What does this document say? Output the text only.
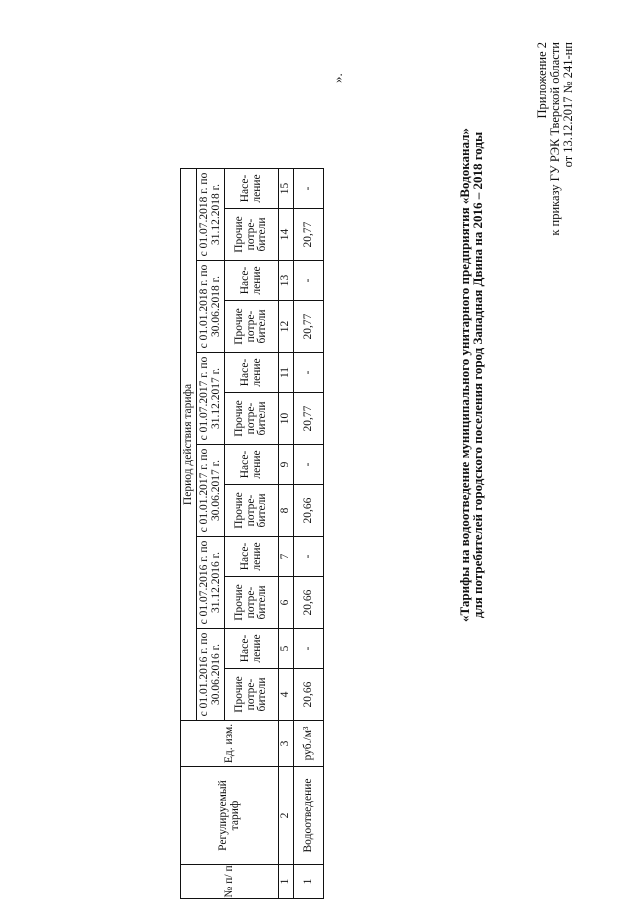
Приложение 2 к приказу ГУ РЭК Тверской области от 13.12.2017 № 241-нп
«Тарифы на водоотведение муниципального унитарного предприятия «Водоканал»
для потребителей городского поселения город Западная Двина на 2016 – 2018 годы
№ п/ п	Регулируемый тариф	Ед. изм.	Период действия тарифа											
			с 01.01.2016 г. по 30.06.2016 г.		с 01.07.2016 г. по 31.12.2016 г.		с 01.01.2017 г. по 30.06.2017 г.		с 01.07.2017 г. по 31.12.2017 г.		с 01.01.2018 г. по 30.06.2018 г.		с 01.07.2018 г. по 31.12.2018 г.	
			Прочие потре- бители	Насе- ление	Прочие потре- бители	Насе- ление	Прочие потре- бители	Насе- ление	Прочие потре- бители	Насе- ление	Прочие потре- бители	Насе- ление	Прочие потре- бители	Насе- ление
1	2	3	4	5	6	7	8	9	10	11	12	13	14	15
1	Водоотведение	руб./м³	20,66	-	20,66	-	20,66	-	20,77	-	20,77	-	20,77	-
».
